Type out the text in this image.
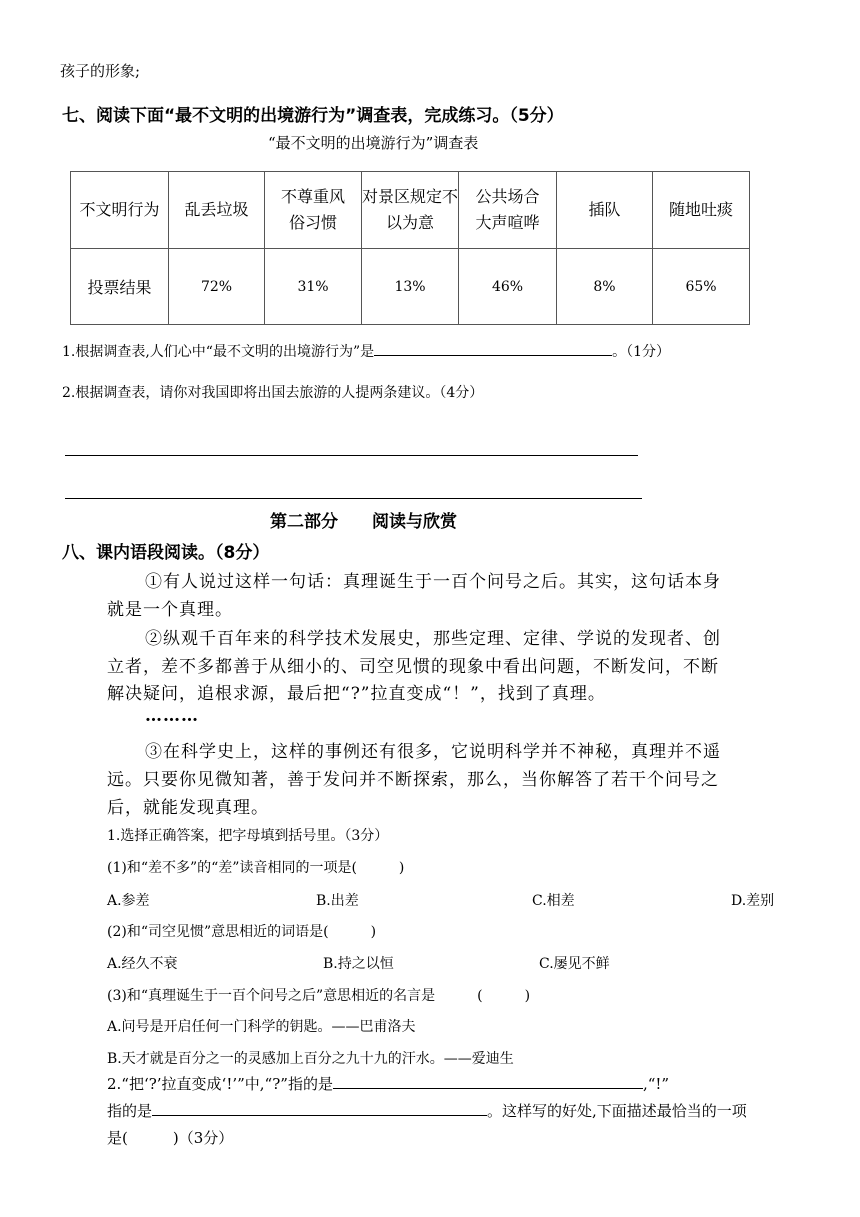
孩子的形象;
七、阅读下面“最不文明的出境游行为”调查表，完成练习。（5分）
“最不文明的出境游行为”调查表
不文明行为	乱丢垃圾	不尊重风俗习惯	对景区规定不以为意	公共场合大声喧哗	插队	随地吐痰
投票结果	72%	31%	13%	46%	8%	65%
1.根据调查表,人们心中“最不文明的出境游行为”是	。（1分）
2.根据调查表，请你对我国即将出国去旅游的人提两条建议。（4分）
第二部分　　阅读与欣赏
八、课内语段阅读。（8分）
①有人说过这样一句话：真理诞生于一百个问号之后。其实，这句话本身
就是一个真理。
②纵观千百年来的科学技术发展史，那些定理、定律、学说的发现者、创
立者，差不多都善于从细小的、司空见惯的现象中看出问题，不断发问，不断
解决疑问，追根求源，最后把“?”拉直变成“！”，找到了真理。
………
③在科学史上，这样的事例还有很多，它说明科学并不神秘，真理并不遥
远。只要你见微知著，善于发问并不断探索，那么，当你解答了若干个问号之
后，就能发现真理。
1.选择正确答案，把字母填到括号里。（3分）
(1)和“差不多”的“差”读音相同的一项是(　　　)
A.参差	B.出差	C.相差	D.差别
(2)和“司空见惯”意思相近的词语是(　　　)
A.经久不衰	B.持之以恒	C.屡见不鲜
(3)和“真理诞生于一百个问号之后”意思相近的名言是　　　(　　　)
A.问号是开启任何一门科学的钥匙。——巴甫洛夫
B.天才就是百分之一的灵感加上百分之九十九的汗水。——爱迪生
2.“把‘?’拉直变成‘!’”中,“?”指的是	,“!”
指的是	。这样写的好处,下面描述最恰当的一项
是(　　　)（3分）
